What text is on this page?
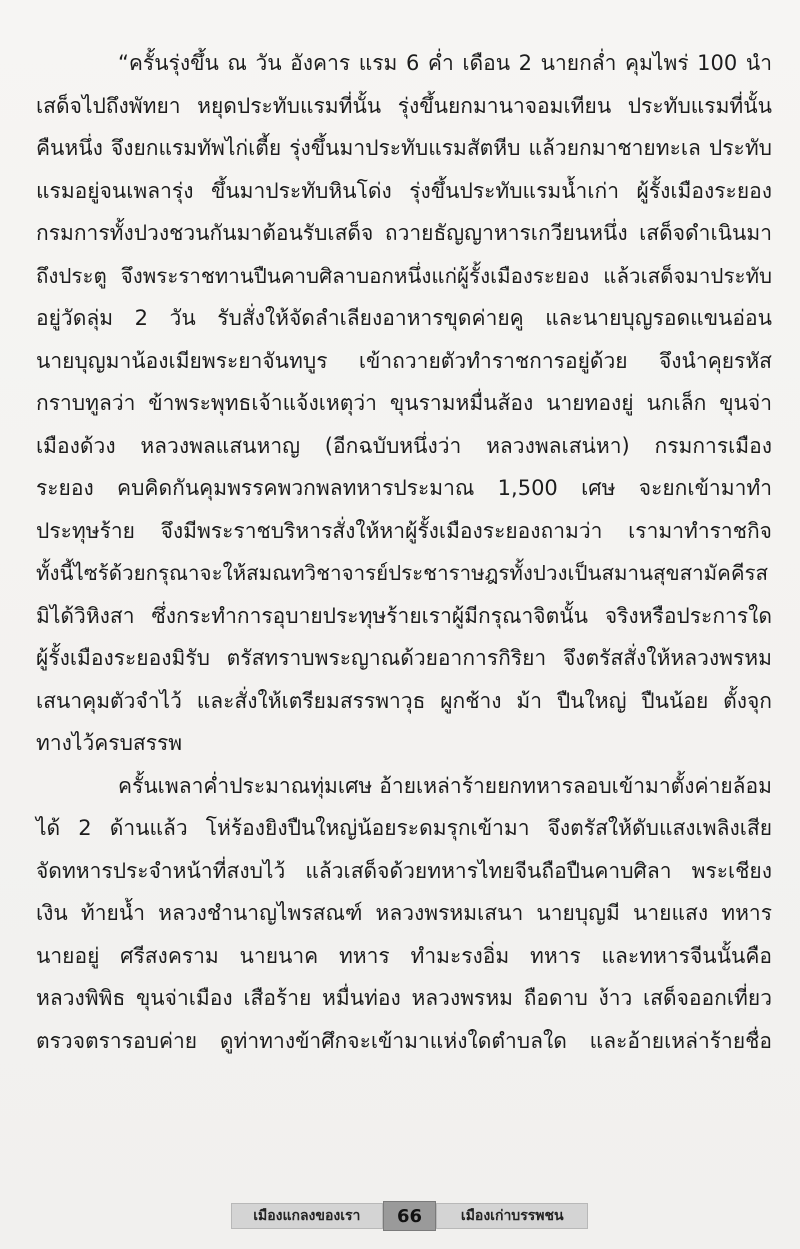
“ครั้นรุ่งขึ้น ณ วัน อังคาร แรม 6 ค่ำ เดือน 2 นายกล่ำ คุมไพร่ 100 นำ
เสด็จไปถึงพัทยา หยุดประทับแรมที่นั้น รุ่งขึ้นยกมานาจอมเทียน ประทับแรมที่นั้น
คืนหนึ่ง จึงยกแรมทัพไก่เตี้ย รุ่งขึ้นมาประทับแรมสัตหีบ แล้วยกมาชายทะเล ประทับ
แรมอยู่จนเพลารุ่ง ขึ้นมาประทับหินโด่ง รุ่งขึ้นประทับแรมน้ำเก่า ผู้รั้งเมืองระยอง
กรมการทั้งปวงชวนกันมาต้อนรับเสด็จ ถวายธัญญาหารเกวียนหนึ่ง เสด็จดำเนินมา
ถึงประตู จึงพระราชทานปืนคาบศิลาบอกหนึ่งแก่ผู้รั้งเมืองระยอง แล้วเสด็จมาประทับ
อยู่วัดลุ่ม 2 วัน รับสั่งให้จัดลำเลียงอาหารขุดค่ายคู และนายบุญรอดแขนอ่อน
นายบุญมาน้องเมียพระยาจันทบูร เข้าถวายตัวทำราชการอยู่ด้วย จึงนำคุยรหัส
กราบทูลว่า ข้าพระพุทธเจ้าแจ้งเหตุว่า ขุนรามหมื่นส้อง นายทองยู่ นกเล็ก ขุนจ่า
เมืองด้วง หลวงพลแสนหาญ (อีกฉบับหนึ่งว่า หลวงพลเสน่หา) กรมการเมือง
ระยอง คบคิดกันคุมพรรคพวกพลทหารประมาณ 1,500 เศษ จะยกเข้ามาทำ
ประทุษร้าย จึงมีพระราชบริหารสั่งให้หาผู้รั้งเมืองระยองถามว่า เรามาทำราชกิจ
ทั้งนี้ไซร้ด้วยกรุณาจะให้สมณทวิชาจารย์ประชาราษฎรทั้งปวงเป็นสมานสุขสามัคคีรส
มิได้วิหิงสา ซึ่งกระทำการอุบายประทุษร้ายเราผู้มีกรุณาจิตนั้น จริงหรือประการใด
ผู้รั้งเมืองระยองมิรับ ตรัสทราบพระญาณด้วยอาการกิริยา จึงตรัสสั่งให้หลวงพรหม
เสนาคุมตัวจำไว้ และสั่งให้เตรียมสรรพาวุธ ผูกช้าง ม้า ปืนใหญ่ ปืนน้อย ตั้งจุก
ทางไว้ครบสรรพ
ครั้นเพลาค่ำประมาณทุ่มเศษ อ้ายเหล่าร้ายยกทหารลอบเข้ามาตั้งค่ายล้อม
ได้ 2 ด้านแล้ว โห่ร้องยิงปืนใหญ่น้อยระดมรุกเข้ามา จึงตรัสให้ดับแสงเพลิงเสีย
จัดทหารประจำหน้าที่สงบไว้ แล้วเสด็จด้วยทหารไทยจีนถือปืนคาบศิลา พระเชียง
เงิน ท้ายน้ำ หลวงชำนาญไพรสณฑ์ หลวงพรหมเสนา นายบุญมี นายแสง ทหาร
นายอยู่ ศรีสงคราม นายนาค ทหาร ทำมะรงอิ่ม ทหาร และทหารจีนนั้นคือ
หลวงพิพิธ ขุนจ่าเมือง เสือร้าย หมื่นท่อง หลวงพรหม ถือดาบ ง้าว เสด็จออกเที่ยว
ตรวจตรารอบค่าย ดูท่าทางข้าศึกจะเข้ามาแห่งใดตำบลใด และอ้ายเหล่าร้ายชื่อ
เมืองแกลงของเรา	66	เมืองเก่าบรรพชน
